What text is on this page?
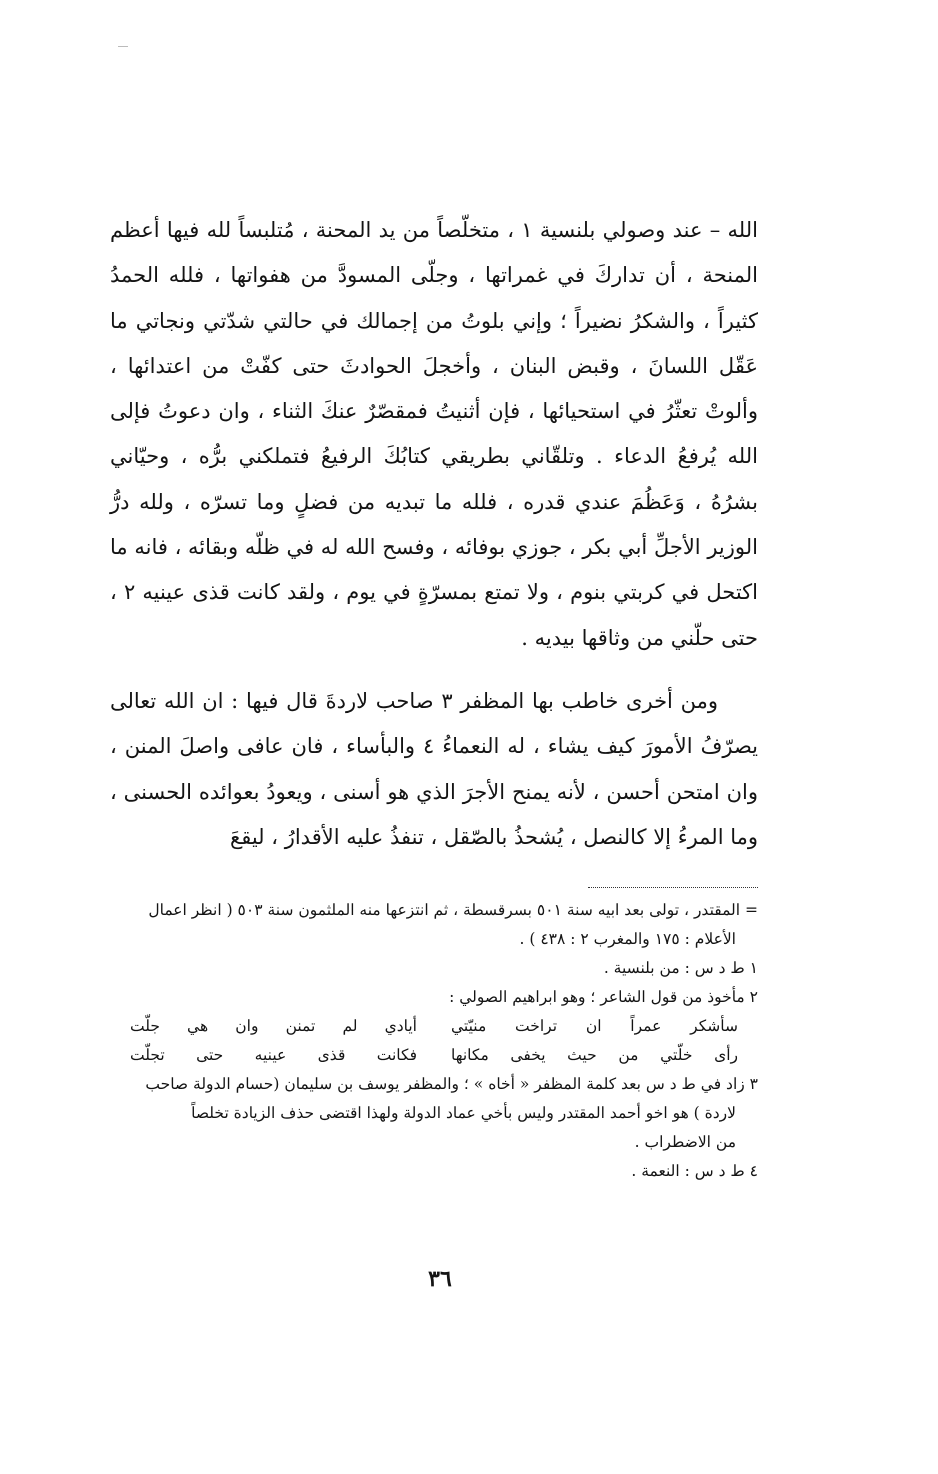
الله – عند وصولي بلنسية ١ ، متخلّصاً من يد المحنة ، مُتلبساً لله فيها أعظم المنحة ، أن تداركَ في غمراتها ، وجلّى المسودَّ من هفواتها ، فلله الحمدُ كثيراً ، والشكرُ نضيراً ؛ وإني بلوتُ من إجمالك في حالتي شدّتي ونجاتي ما عَقّل اللسانَ ، وقبض البنان ، وأخجلَ الحوادثَ حتى كفّتْ من اعتدائها ، وألوتْ تعثّرُ في استحيائها ، فإن أثنيتُ فمقصّرٌ عنكَ الثناء ، وان دعوتُ فإلى الله يُرفعُ الدعاء . وتلقّاني بطريقي كتابُكَ الرفيعُ فتملكني برُّه ، وحيّاني بشرُهُ ، وَعَظُمَ عندي قدره ، فلله ما تبديه من فضلٍ وما تسرّه ، ولله درُّ الوزير الأجلِّ أبي بكر ، جوزي بوفائه ، وفسح الله له في ظلّه وبقائه ، فانه ما اكتحل في كربتي بنوم ، ولا تمتع بمسرّةٍ في يوم ، ولقد كانت قذى عينيه ٢ ، حتى حلّني من وثاقها بيديه .

ومن أخرى خاطب بها المظفر ٣ صاحب لاردةَ قال فيها : ان الله تعالى يصرّفُ الأمورَ كيف يشاء ، له النعماءُ ٤ والبأساء ، فان عافى واصلَ المنن ، وان امتحن أحسن ، لأنه يمنح الأجرَ الذي هو أسنى ، ويعودُ بعوائده الحسنى ، وما المرءُ إلا كالنصل ، يُشحذُ بالصّقل ، تنفذُ عليه الأقدارُ ، ليقعَ

= المقتدر ، تولى بعد ابيه سنة ٥٠١ بسرقسطة ، ثم انتزعها منه الملثمون سنة ٥٠٣ ( انظر اعمال

الأعلام : ١٧٥ والمغرب ٢ : ٤٣٨ ) .

١ ط د س : من بلنسية .

٢ مأخوذ من قول الشاعر ؛ وهو ابراهيم الصولي :

سأشكر عمراً ان تراخت منيّتي
أيادي لم تمنن وان هي جلّت
رأى خلّتي من حيث يخفى مكانها
فكانت قذى عينيه حتى تجلّت

٣ زاد في ط د س بعد كلمة المظفر « أخاه » ؛ والمظفر يوسف بن سليمان (حسام الدولة صاحب

لاردة ) هو اخو أحمد المقتدر وليس بأخي عماد الدولة ولهذا اقتضى حذف الزيادة تخلصاً

من الاضطراب .

٤ ط د س : النعمة .

٣٦
